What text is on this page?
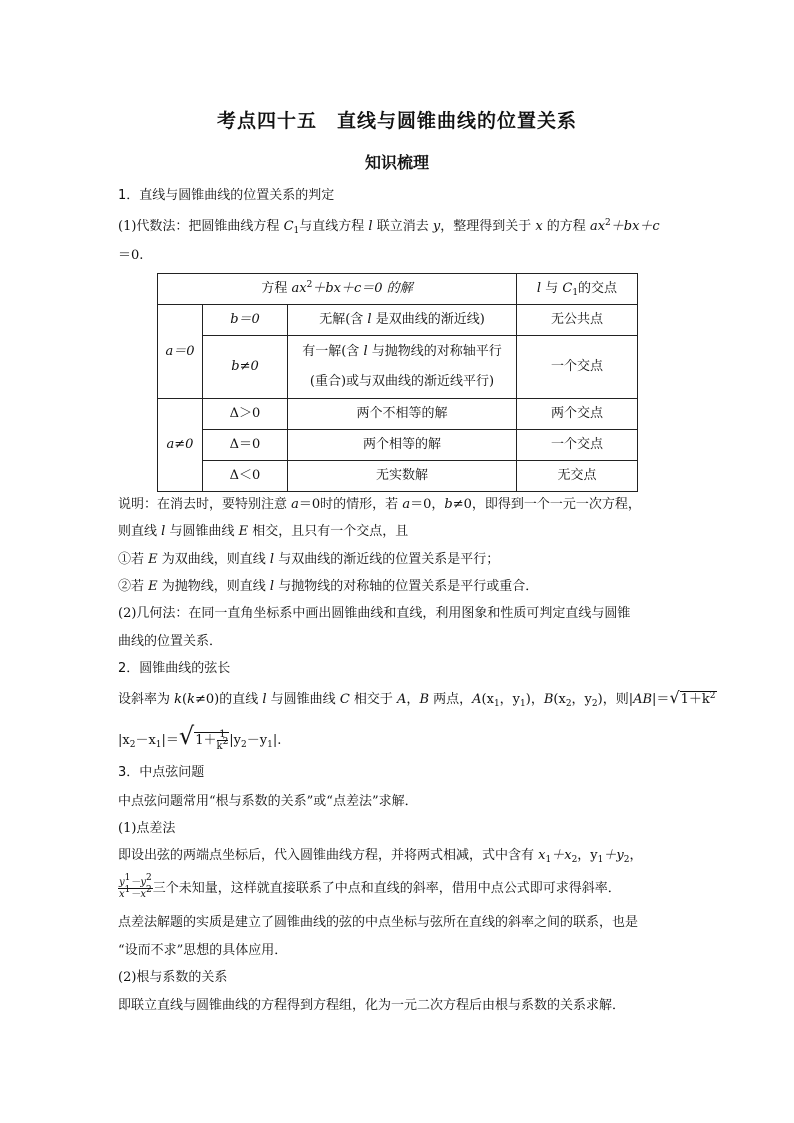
考点四十五　直线与圆锥曲线的位置关系
知识梳理
1．直线与圆锥曲线的位置关系的判定
(1)代数法：把圆锥曲线方程 $C_1$与直线方程 l 联立消去 y，整理得到关于 x 的方程 $ax^2+bx+c$
＝0.
方程 $ax^2+bx+c=0$ 的解			l 与 $C_1$的交点
a＝0	b＝0	无解(含 l 是双曲线的渐近线)	无公共点
	b≠0	有一解(含 l 与抛物线的对称轴平行
(重合)或与双曲线的渐近线平行)	一个交点
a≠0	Δ＞0	两个不相等的解	两个交点
	Δ＝0	两个相等的解	一个交点
	Δ＜0	无实数解	无交点
说明：在消去时，要特别注意 a＝0时的情形，若 a＝0，b≠0，即得到一个一元一次方程，
则直线 l 与圆锥曲线 E 相交，且只有一个交点，且
①若 E 为双曲线，则直线 l 与双曲线的渐近线的位置关系是平行；
②若 E 为抛物线，则直线 l 与抛物线的对称轴的位置关系是平行或重合．
(2)几何法：在同一直角坐标系中画出圆锥曲线和直线，利用图象和性质可判定直线与圆锥
曲线的位置关系．
2．圆锥曲线的弦长
设斜率为 k(k≠0)的直线 l 与圆锥曲线 C 相交于 A，B 两点，$A(x_1$，$y_1$)，$B(x_2$，$y_2$)，则$|AB|=√1+k^2$
$|x_2-x_1|=√1+ \frac{1}{k^2} |y_2-y_1|$.
3．中点弦问题
中点弦问题常用“根与系数的关系”或“点差法”求解．
(1)点差法
即设出弦的两端点坐标后，代入圆锥曲线方程，并将两式相减，式中含有 $x_1+x_2$，$y_1+y_2$，
$\frac{y^1-y^2}{x^1-x^2}$ 三个未知量，这样就直接联系了中点和直线的斜率，借用中点公式即可求得斜率．
点差法解题的实质是建立了圆锥曲线的弦的中点坐标与弦所在直线的斜率之间的联系，也是
“设而不求”思想的具体应用．
(2)根与系数的关系
即联立直线与圆锥曲线的方程得到方程组，化为一元二次方程后由根与系数的关系求解．
